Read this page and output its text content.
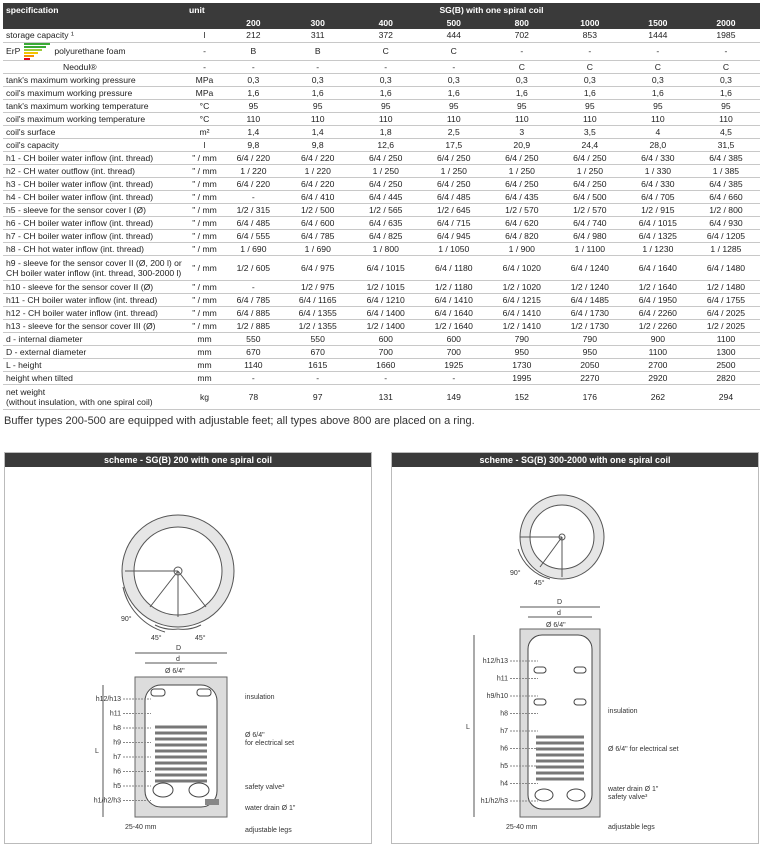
specification	unit	SG(B) with one spiral coil							
		200	300	400	500	800	1000	1500	2000
storage capacity ¹	l	212	311	372	444	702	853	1444	1985

ErP polyurethane foam	-	B	B	C	C	-	-	-	-
Neodul®	-	-	-	-	-	C	C	C	C
tank's maximum working pressure	MPa	0,3	0,3	0,3	0,3	0,3	0,3	0,3	0,3
coil's maximum working pressure	MPa	1,6	1,6	1,6	1,6	1,6	1,6	1,6	1,6
tank's maximum working temperature	°C	95	95	95	95	95	95	95	95
coil's maximum working temperature	°C	110	110	110	110	110	110	110	110
coil's surface	m²	1,4	1,4	1,8	2,5	3	3,5	4	4,5
coil's capacity	l	9,8	9,8	12,6	17,5	20,9	24,4	28,0	31,5
h1 - CH boiler water inflow (int. thread)	" / mm	6/4 / 220	6/4 / 220	6/4 / 250	6/4 / 250	6/4 / 250	6/4 / 250	6/4 / 330	6/4 / 385
h2 - CH water outflow (int. thread)	" / mm	1 / 220	1 / 220	1 / 250	1 / 250	1 / 250	1 / 250	1 / 330	1 / 385
h3 - CH boiler water inflow (int. thread)	" / mm	6/4 / 220	6/4 / 220	6/4 / 250	6/4 / 250	6/4 / 250	6/4 / 250	6/4 / 330	6/4 / 385
h4 - CH boiler water inflow (int. thread)	" / mm	-	6/4 / 410	6/4 / 445	6/4 / 485	6/4 / 435	6/4 / 500	6/4 / 705	6/4 / 660
h5 - sleeve for the sensor cover I (Ø)	" / mm	1/2 / 315	1/2 / 500	1/2 / 565	1/2 / 645	1/2 / 570	1/2 / 570	1/2 / 915	1/2 / 800
h6 - CH boiler water inflow (int. thread)	" / mm	6/4 / 485	6/4 / 600	6/4 / 635	6/4 / 715	6/4 / 620	6/4 / 740	6/4 / 1015	6/4 / 930
h7 - CH boiler water inflow (int. thread)	" / mm	6/4 / 555	6/4 / 785	6/4 / 825	6/4 / 945	6/4 / 820	6/4 / 980	6/4 / 1325	6/4 / 1205
h8 - CH hot water inflow (int. thread)	" / mm	1 / 690	1 / 690	1 / 800	1 / 1050	1 / 900	1 / 1100	1 / 1230	1 / 1285

h9 - sleeve for the sensor cover II (Ø, 200 l) or
CH boiler water inflow (int. thread, 300-2000 l)	" / mm	1/2 / 605	6/4 / 975	6/4 / 1015	6/4 / 1180	6/4 / 1020	6/4 / 1240	6/4 / 1640	6/4 / 1480
h10 - sleeve for the sensor cover II (Ø)	" / mm	-	1/2 / 975	1/2 / 1015	1/2 / 1180	1/2 / 1020	1/2 / 1240	1/2 / 1640	1/2 / 1480
h11 - CH boiler water inflow (int. thread)	" / mm	6/4 / 785	6/4 / 1165	6/4 / 1210	6/4 / 1410	6/4 / 1215	6/4 / 1485	6/4 / 1950	6/4 / 1755
h12 - CH boiler water inflow (int. thread)	" / mm	6/4 / 885	6/4 / 1355	6/4 / 1400	6/4 / 1640	6/4 / 1410	6/4 / 1730	6/4 / 2260	6/4 / 2025
h13 - sleeve for the sensor cover III (Ø)	" / mm	1/2 / 885	1/2 / 1355	1/2 / 1400	1/2 / 1640	1/2 / 1410	1/2 / 1730	1/2 / 2260	1/2 / 2025
d - internal diameter	mm	550	550	600	600	790	790	900	1100
D - external diameter	mm	670	670	700	700	950	950	1100	1300
L - height	mm	1140	1615	1660	1925	1730	2050	2700	2500
height when tilted	mm	-	-	-	-	1995	2270	2920	2820

net weight
(without insulation, with one spiral coil)	kg	78	97	131	149	152	176	262	294
Buffer types 200-500 are equipped with adjustable feet; all types above 800 are placed on a ring.
scheme - SG(B) 200 with one spiral coil
90°
45°	45°
D
d
Ø 6/4"
L
h12/h13
h11
h8
h9
h7
h6
h5
h1/h2/h3
insulation
Ø 6/4"
for electrical set
safety valve³
water drain Ø 1"
adjustable legs
25-40 mm
scheme - SG(B) 300-2000 with one spiral coil
90°
45°
D
d
Ø 6/4"
L
h12/h13
h11
h9/h10
h8
h7
h6
h5
h4
h1/h2/h3
insulation
Ø 6/4" for electrical set
water drain Ø 1"
safety valve³
adjustable legs
25-40 mm
